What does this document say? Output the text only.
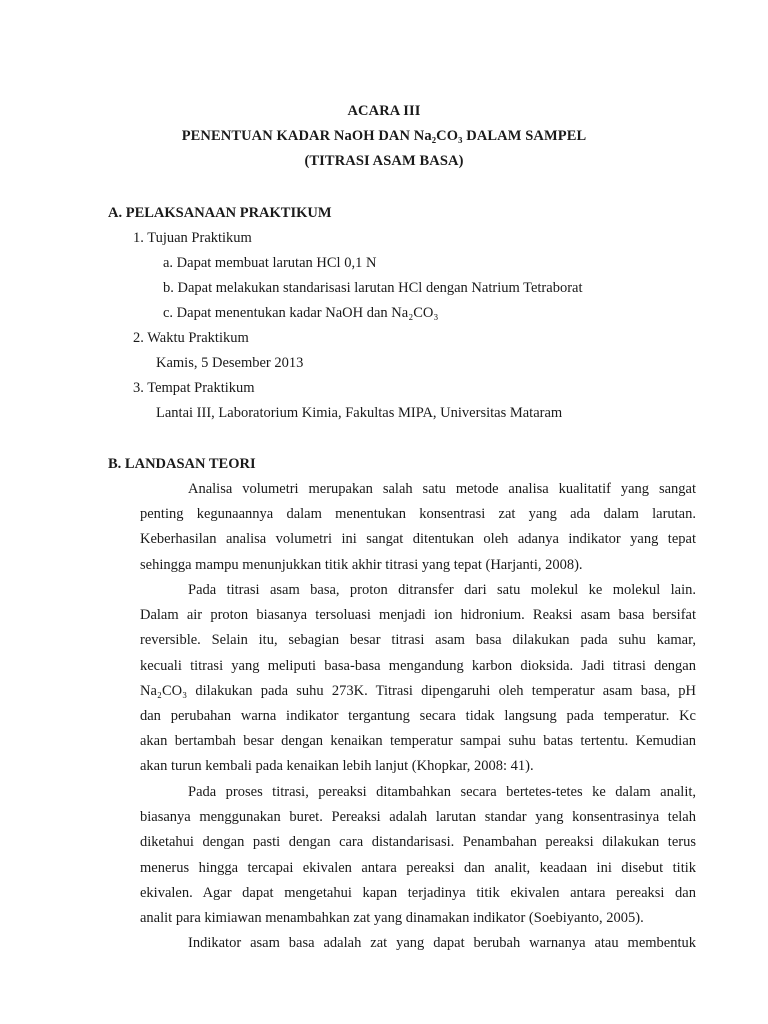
ACARA III
PENENTUAN KADAR NaOH DAN Na₂CO₃ DALAM SAMPEL
(TITRASI ASAM BASA)
A. PELAKSANAAN PRAKTIKUM
1. Tujuan Praktikum
a. Dapat membuat larutan HCl 0,1 N
b. Dapat melakukan standarisasi larutan HCl dengan Natrium Tetraborat
c. Dapat menentukan kadar NaOH dan Na₂CO₃
2. Waktu Praktikum
Kamis, 5 Desember 2013
3. Tempat Praktikum
Lantai III, Laboratorium Kimia, Fakultas MIPA, Universitas Mataram
B. LANDASAN TEORI
Analisa volumetri merupakan salah satu metode analisa kualitatif yang sangat
penting kegunaannya dalam menentukan konsentrasi zat yang ada dalam larutan.
Keberhasilan analisa volumetri ini sangat ditentukan oleh adanya indikator yang tepat
sehingga mampu menunjukkan titik akhir titrasi yang tepat (Harjanti, 2008).
Pada titrasi asam basa, proton ditransfer dari satu molekul ke molekul lain.
Dalam air proton biasanya tersoluasi menjadi ion hidronium. Reaksi asam basa bersifat
reversible. Selain itu, sebagian besar titrasi asam basa dilakukan pada suhu kamar,
kecuali titrasi yang meliputi basa-basa mengandung karbon dioksida. Jadi titrasi dengan
Na₂CO₃ dilakukan pada suhu 273K. Titrasi dipengaruhi oleh temperatur asam basa, pH
dan perubahan warna indikator tergantung secara tidak langsung pada temperatur. Kc
akan bertambah besar dengan kenaikan temperatur sampai suhu batas tertentu. Kemudian
akan turun kembali pada kenaikan lebih lanjut (Khopkar, 2008: 41).
Pada proses titrasi, pereaksi ditambahkan secara bertetes-tetes ke dalam analit,
biasanya menggunakan buret. Pereaksi adalah larutan standar yang konsentrasinya telah
diketahui dengan pasti dengan cara distandarisasi. Penambahan pereaksi dilakukan terus
menerus hingga tercapai ekivalen antara pereaksi dan analit, keadaan ini disebut titik
ekivalen. Agar dapat mengetahui kapan terjadinya titik ekivalen antara pereaksi dan
analit para kimiawan menambahkan zat yang dinamakan indikator (Soebiyanto, 2005).
Indikator asam basa adalah zat yang dapat berubah warnanya atau membentuk
